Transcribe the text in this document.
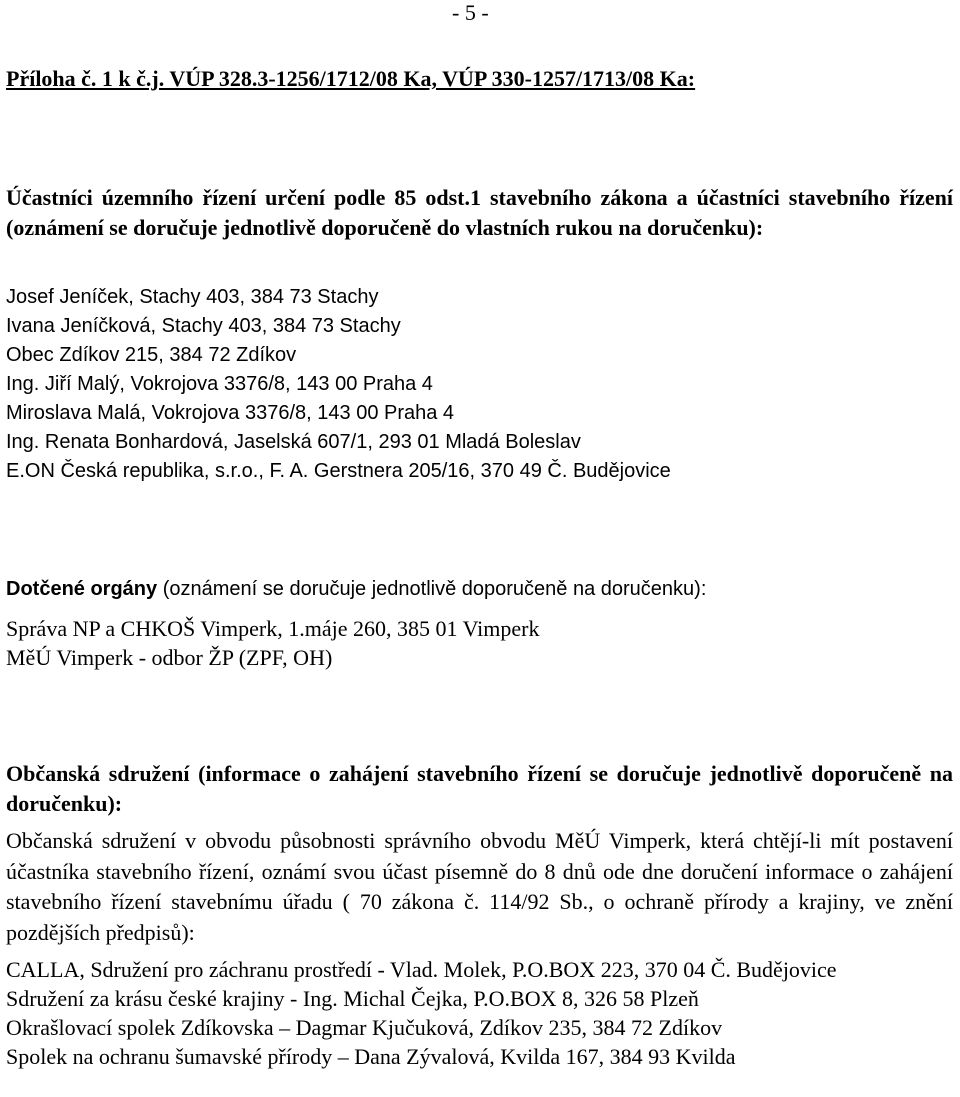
- 5 -
Příloha č. 1 k č.j. VÚP 328.3-1256/1712/08 Ka, VÚP 330-1257/1713/08 Ka:

Účastníci územního řízení určení podle 85 odst.1 stavebního zákona a účastníci stavebního řízení (oznámení se doručuje jednotlivě doporučeně do vlastních rukou na doručenku):

Josef Jeníček, Stachy 403, 384 73 Stachy
Ivana Jeníčková, Stachy 403, 384 73 Stachy
Obec Zdíkov 215, 384 72 Zdíkov
Ing. Jiří Malý, Vokrojova 3376/8, 143 00 Praha 4
Miroslava Malá, Vokrojova 3376/8, 143 00 Praha 4
Ing. Renata Bonhardová, Jaselská 607/1, 293 01 Mladá Boleslav
E.ON Česká republika, s.r.o., F. A. Gerstnera 205/16, 370 49 Č. Budějovice

Dotčené orgány (oznámení se doručuje jednotlivě doporučeně na doručenku):

Správa NP a CHKOŠ Vimperk, 1.máje 260, 385 01 Vimperk
MěÚ Vimperk - odbor ŽP (ZPF, OH)

Občanská sdružení (informace o zahájení stavebního řízení se doručuje jednotlivě doporučeně na doručenku):

Občanská sdružení v obvodu působnosti správního obvodu MěÚ Vimperk, která chtějí-li mít postavení účastníka stavebního řízení, oznámí svou účast písemně do 8 dnů ode dne doručení informace o zahájení stavebního řízení stavebnímu úřadu ( 70 zákona č. 114/92 Sb., o ochraně přírody a krajiny, ve znění pozdějších předpisů):

CALLA, Sdružení pro záchranu prostředí - Vlad. Molek, P.O.BOX 223, 370 04 Č. Budějovice
Sdružení za krásu české krajiny - Ing. Michal Čejka, P.O.BOX 8, 326 58 Plzeň
Okrašlovací spolek Zdíkovska – Dagmar Kjučuková, Zdíkov 235, 384 72 Zdíkov
Spolek na ochranu šumavské přírody – Dana Zývalová, Kvilda 167, 384 93 Kvilda
